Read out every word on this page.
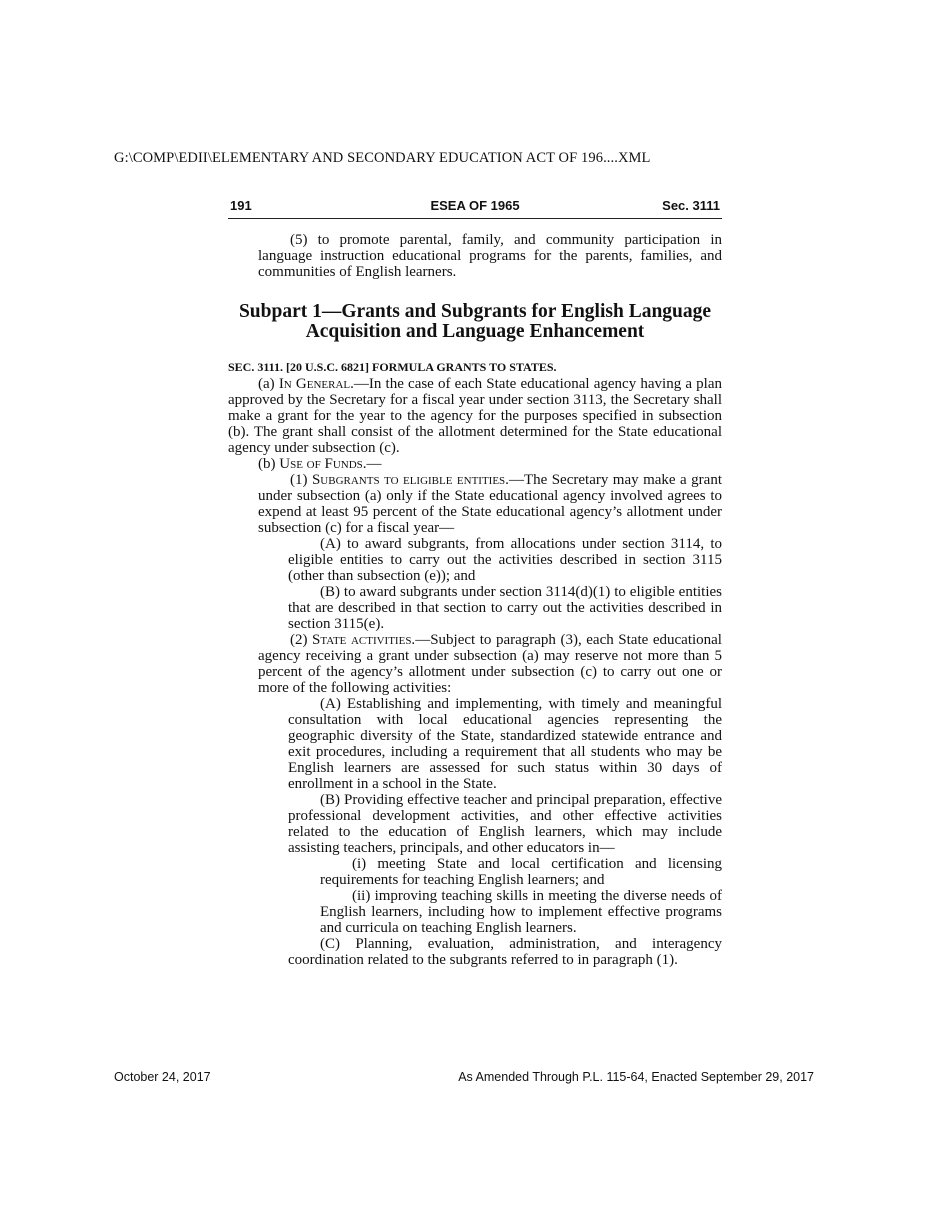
G:\COMP\EDII\ELEMENTARY AND SECONDARY EDUCATION ACT OF 196....XML
191	ESEA OF 1965	Sec. 3111

(5) to promote parental, family, and community participation in language instruction educational programs for the parents, families, and communities of English learners.

Subpart 1—Grants and Subgrants for English Language Acquisition and Language Enhancement

SEC. 3111. [20 U.S.C. 6821] FORMULA GRANTS TO STATES.

(a) In General.—In the case of each State educational agency having a plan approved by the Secretary for a fiscal year under section 3113, the Secretary shall make a grant for the year to the agency for the purposes specified in subsection (b). The grant shall consist of the allotment determined for the State educational agency under subsection (c).

(b) Use of Funds.—

(1) Subgrants to eligible entities.—The Secretary may make a grant under subsection (a) only if the State educational agency involved agrees to expend at least 95 percent of the State educational agency’s allotment under subsection (c) for a fiscal year—

(A) to award subgrants, from allocations under section 3114, to eligible entities to carry out the activities described in section 3115 (other than subsection (e)); and

(B) to award subgrants under section 3114(d)(1) to eligible entities that are described in that section to carry out the activities described in section 3115(e).

(2) State activities.—Subject to paragraph (3), each State educational agency receiving a grant under subsection (a) may reserve not more than 5 percent of the agency’s allotment under subsection (c) to carry out one or more of the following activities:

(A) Establishing and implementing, with timely and meaningful consultation with local educational agencies representing the geographic diversity of the State, standardized statewide entrance and exit procedures, including a requirement that all students who may be English learners are assessed for such status within 30 days of enrollment in a school in the State.

(B) Providing effective teacher and principal preparation, effective professional development activities, and other effective activities related to the education of English learners, which may include assisting teachers, principals, and other educators in—

(i) meeting State and local certification and licensing requirements for teaching English learners; and

(ii) improving teaching skills in meeting the diverse needs of English learners, including how to implement effective programs and curricula on teaching English learners.

(C) Planning, evaluation, administration, and interagency coordination related to the subgrants referred to in paragraph (1).

October 24, 2017	As Amended Through P.L. 115-64, Enacted September 29, 2017
